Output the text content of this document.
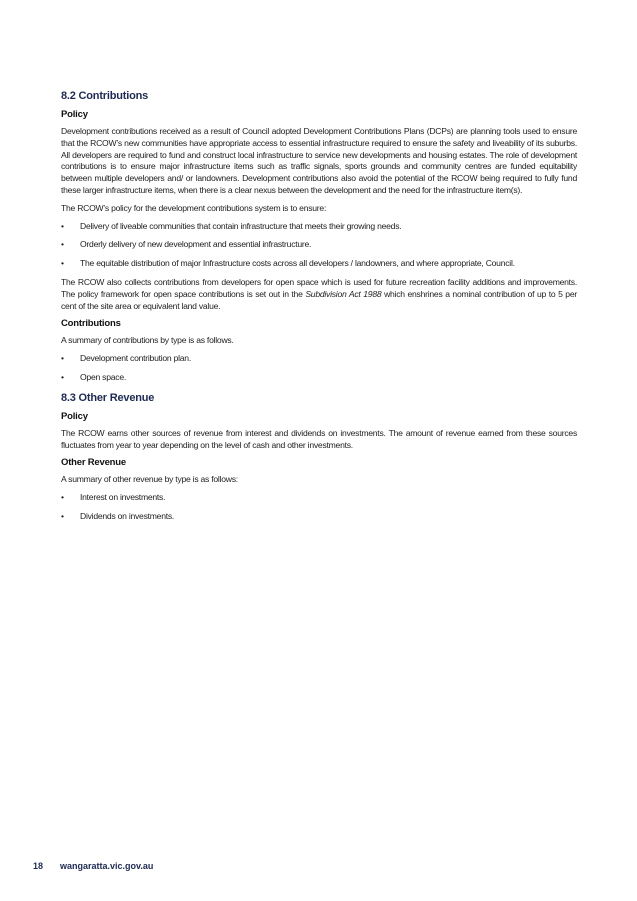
8.2 Contributions
Policy

Development contributions received as a result of Council adopted Development Contributions Plans (DCPs) are planning tools used to ensure that the RCOW’s new communities have appropriate access to essential infrastructure required to ensure the safety and liveability of its suburbs. All developers are required to fund and construct local infrastructure to service new developments and housing estates. The role of development contributions is to ensure major infrastructure items such as traffic signals, sports grounds and community centres are funded equitability between multiple developers and/ or landowners. Development contributions also avoid the potential of the RCOW being required to fully fund these larger infrastructure items, when there is a clear nexus between the development and the need for the infrastructure item(s).

The RCOW’s policy for the development contributions system is to ensure:

• Delivery of liveable communities that contain infrastructure that meets their growing needs.
• Orderly delivery of new development and essential infrastructure.
• The equitable distribution of major Infrastructure costs across all developers / landowners, and where appropriate, Council.

The RCOW also collects contributions from developers for open space which is used for future recreation facility additions and improvements. The policy framework for open space contributions is set out in the Subdivision Act 1988 which enshrines a nominal contribution of up to 5 per cent of the site area or equivalent land value.

Contributions

A summary of contributions by type is as follows.

• Development contribution plan.
• Open space.
8.3 Other Revenue
Policy

The RCOW earns other sources of revenue from interest and dividends on investments. The amount of revenue earned from these sources fluctuates from year to year depending on the level of cash and other investments.

Other Revenue

A summary of other revenue by type is as follows:

• Interest on investments.
• Dividends on investments.
18 wangaratta.vic.gov.au
